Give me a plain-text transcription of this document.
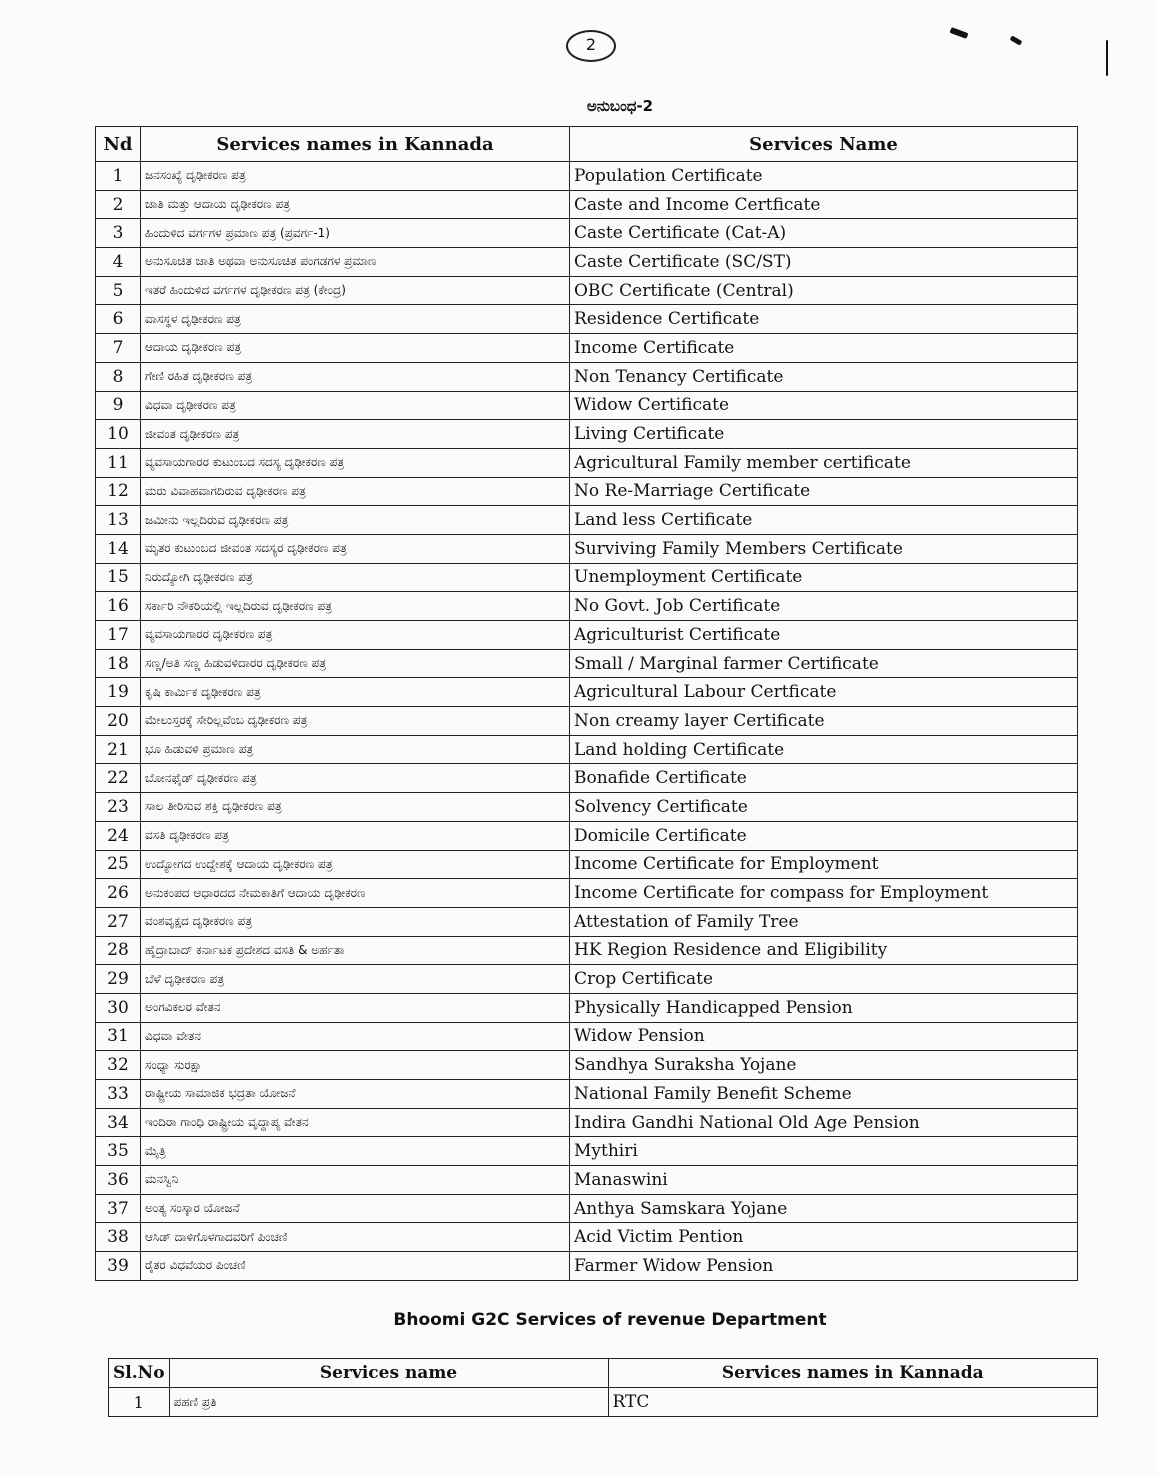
2
ಅನುಬಂಧ-2
Nd	Services names in Kannada	Services Name
1	ಜನಸಂಖ್ಯೆ ದೃಢೀಕರಣ ಪತ್ರ	Population Certificate
2	ಜಾತಿ ಮತ್ತು ಆದಾಯ ದೃಢೀಕರಣ ಪತ್ರ	Caste and Income Certficate
3	ಹಿಂದುಳಿದ ವರ್ಗಗಳ ಪ್ರಮಾಣ ಪತ್ರ (ಪ್ರವರ್ಗ-1)	Caste Certificate (Cat-A)
4	ಅನುಸೂಚಿತ ಜಾತಿ ಅಥವಾ ಅನುಸೂಚಿತ ಪಂಗಡಗಳ ಪ್ರಮಾಣ	Caste Certificate (SC/ST)
5	ಇತರೆ ಹಿಂದುಳಿದ ವರ್ಗಗಳ ದೃಢೀಕರಣ ಪತ್ರ (ಕೇಂದ್ರ)	OBC Certificate (Central)
6	ವಾಸಸ್ಥಳ ದೃಢೀಕರಣ ಪತ್ರ	Residence Certificate
7	ಆದಾಯ ದೃಢೀಕರಣ ಪತ್ರ	Income Certificate
8	ಗೇಣಿ ರಹಿತ ದೃಢೀಕರಣ ಪತ್ರ	Non Tenancy Certificate
9	ವಿಧವಾ ದೃಢೀಕರಣ ಪತ್ರ	Widow Certificate
10	ಜೀವಂತ ದೃಢೀಕರಣ ಪತ್ರ	Living Certificate
11	ವ್ಯವಸಾಯಗಾರರ ಕುಟುಂಬದ ಸದಸ್ಯ ದೃಢೀಕರಣ ಪತ್ರ	Agricultural Family member certificate
12	ಮರು ವಿವಾಹವಾಗದಿರುವ ದೃಢೀಕರಣ ಪತ್ರ	No Re-Marriage Certificate
13	ಜಮೀನು ಇಲ್ಲದಿರುವ ದೃಢೀಕರಣ ಪತ್ರ	Land less Certificate
14	ಮೃತರ ಕುಟುಂಬದ ಜೀವಂತ ಸದಸ್ಯರ ದೃಢೀಕರಣ ಪತ್ರ	Surviving Family Members Certificate
15	ನಿರುದ್ಯೋಗಿ ದೃಢೀಕರಣ ಪತ್ರ	Unemployment Certificate
16	ಸರ್ಕಾರಿ ನೌಕರಿಯಲ್ಲಿ ಇಲ್ಲದಿರುವ ದೃಢೀಕರಣ ಪತ್ರ	No Govt. Job Certificate
17	ವ್ಯವಸಾಯಗಾರರ ದೃಢೀಕರಣ ಪತ್ರ	Agriculturist Certificate
18	ಸಣ್ಣ/ಅತಿ ಸಣ್ಣ ಹಿಡುವಳಿದಾರರ ದೃಢೀಕರಣ ಪತ್ರ	Small / Marginal farmer Certificate
19	ಕೃಷಿ ಕಾರ್ಮಿಕ ದೃಢೀಕರಣ ಪತ್ರ	Agricultural Labour Certficate
20	ಮೇಲುಸ್ತರಕ್ಕೆ ಸೇರಿಲ್ಲವೆಂಬ ದೃಢೀಕರಣ ಪತ್ರ	Non creamy layer Certificate
21	ಭೂ ಹಿಡುವಳಿ ಪ್ರಮಾಣ ಪತ್ರ	Land holding Certificate
22	ಬೋನಫೈಡ್ ದೃಢೀಕರಣ ಪತ್ರ	Bonafide Certificate
23	ಸಾಲ ತೀರಿಸುವ ಶಕ್ತಿ ದೃಢೀಕರಣ ಪತ್ರ	Solvency Certificate
24	ವಸತಿ ದೃಢೀಕರಣ ಪತ್ರ	Domicile Certificate
25	ಉದ್ಯೋಗದ ಉದ್ದೇಶಕ್ಕೆ ಆದಾಯ ದೃಢೀಕರಣ ಪತ್ರ	Income Certificate for Employment
26	ಅನುಕಂಪದ ಆಧಾರದದ ನೇಮಕಾತಿಗೆ ಆದಾಯ ದೃಢೀಕರಣ	Income Certificate for compass for Employment
27	ವಂಶವೃಕ್ಷದ ದೃಢೀಕರಣ ಪತ್ರ	Attestation of Family Tree
28	ಹೈದ್ರಾಬಾದ್ ಕರ್ನಾಟಕ ಪ್ರದೇಶದ ವಸತಿ & ಅರ್ಹತಾ	HK Region Residence and Eligibility
29	ಬೆಳೆ ದೃಢೀಕರಣ ಪತ್ರ	Crop Certificate
30	ಅಂಗವಿಕಲರ ವೇತನ	Physically Handicapped Pension
31	ವಿಧವಾ ವೇತನ	Widow Pension
32	ಸಂಧ್ಯಾ ಸುರಕ್ಷಾ	Sandhya Suraksha Yojane
33	ರಾಷ್ಟ್ರೀಯ ಸಾಮಾಜಿಕ ಭದ್ರತಾ ಯೋಜನೆ	National Family Benefit Scheme
34	ಇಂದಿರಾ ಗಾಂಧಿ ರಾಷ್ಟ್ರೀಯ ವೃದ್ಧಾಪ್ಯ ವೇತನ	Indira Gandhi National Old Age Pension
35	ಮೈತ್ರಿ	Mythiri
36	ಮನಸ್ವಿನಿ	Manaswini
37	ಅಂತ್ಯ ಸಂಸ್ಕಾರ ಯೋಜನೆ	Anthya Samskara Yojane
38	ಆಸಿಡ್ ದಾಳಿಗೊಳಗಾದವರಿಗೆ ಪಿಂಚಣಿ	Acid Victim Pention
39	ರೈತರ ವಿಧವೆಯರ ಪಿಂಚಣಿ	Farmer Widow Pension
Bhoomi G2C Services of revenue Department
Sl.No	Services name	Services names in Kannada
1	ಪಹಣಿ ಪ್ರತಿ	RTC
